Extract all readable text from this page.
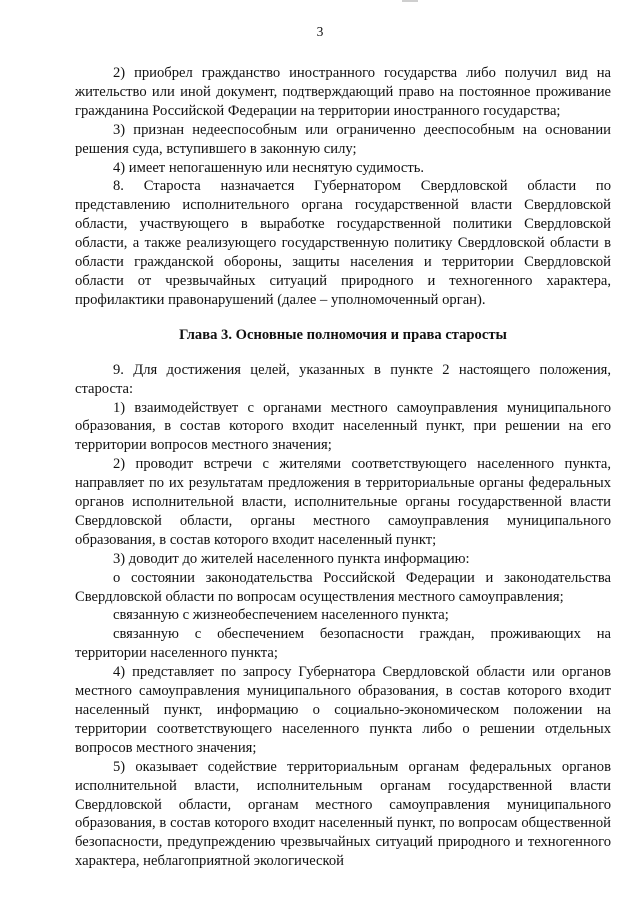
3

2) приобрел гражданство иностранного государства либо получил вид на жительство или иной документ, подтверждающий право на постоянное проживание гражданина Российской Федерации на территории иностранного государства;

3) признан недееспособным или ограниченно дееспособным на основании решения суда, вступившего в законную силу;

4) имеет непогашенную или неснятую судимость.

8. Староста назначается Губернатором Свердловской области по представлению исполнительного органа государственной власти Свердловской области, участвующего в выработке государственной политики Свердловской области, а также реализующего государственную политику Свердловской области в области гражданской обороны, защиты населения и территории Свердловской области от чрезвычайных ситуаций природного и техногенного характера, профилактики правонарушений (далее – уполномоченный орган).

Глава 3. Основные полномочия и права старосты

9. Для достижения целей, указанных в пункте 2 настоящего положения, староста:

1) взаимодействует с органами местного самоуправления муниципального образования, в состав которого входит населенный пункт, при решении на его территории вопросов местного значения;

2) проводит встречи с жителями соответствующего населенного пункта, направляет по их результатам предложения в территориальные органы федеральных органов исполнительной власти, исполнительные органы государственной власти Свердловской области, органы местного самоуправления муниципального образования, в состав которого входит населенный пункт;

3) доводит до жителей населенного пункта информацию:

о состоянии законодательства Российской Федерации и законодательства Свердловской области по вопросам осуществления местного самоуправления;

связанную с жизнеобеспечением населенного пункта;

связанную с обеспечением безопасности граждан, проживающих на территории населенного пункта;

4) представляет по запросу Губернатора Свердловской области или органов местного самоуправления муниципального образования, в состав которого входит населенный пункт, информацию о социально-экономическом положении на территории соответствующего населенного пункта либо о решении отдельных вопросов местного значения;

5) оказывает содействие территориальным органам федеральных органов исполнительной власти, исполнительным органам государственной власти Свердловской области, органам местного самоуправления муниципального образования, в состав которого входит населенный пункт, по вопросам общественной безопасности, предупреждению чрезвычайных ситуаций природного и техногенного характера, неблагоприятной экологической
